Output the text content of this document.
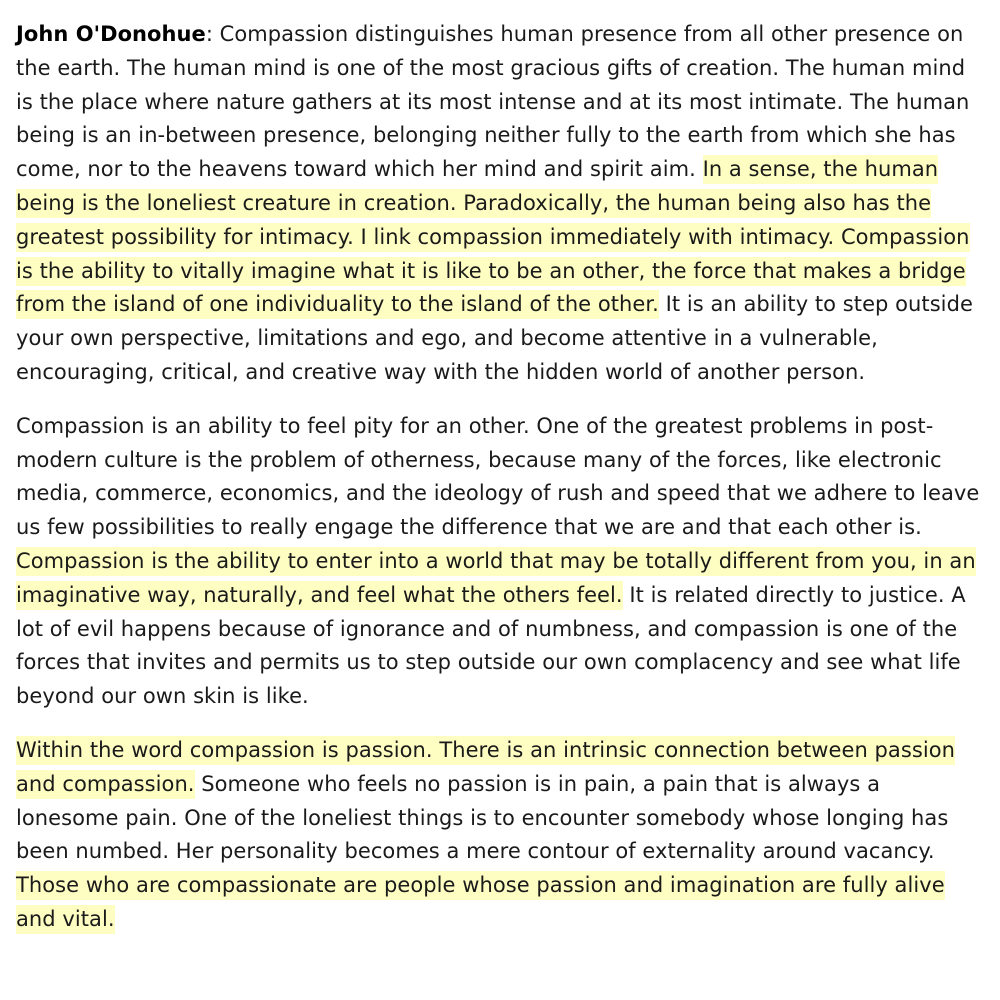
John O'Donohue: Compassion distinguishes human presence from all other presence on the earth. The human mind is one of the most gracious gifts of creation. The human mind is the place where nature gathers at its most intense and at its most intimate. The human being is an in-between presence, belonging neither fully to the earth from which she has come, nor to the heavens toward which her mind and spirit aim. In a sense, the human being is the loneliest creature in creation. Paradoxically, the human being also has the greatest possibility for intimacy. I link compassion immediately with intimacy. Compassion is the ability to vitally imagine what it is like to be an other, the force that makes a bridge from the island of one individuality to the island of the other. It is an ability to step outside your own perspective, limitations and ego, and become attentive in a vulnerable, encouraging, critical, and creative way with the hidden world of another person.

Compassion is an ability to feel pity for an other. One of the greatest problems in post-modern culture is the problem of otherness, because many of the forces, like electronic media, commerce, economics, and the ideology of rush and speed that we adhere to leave us few possibilities to really engage the difference that we are and that each other is. Compassion is the ability to enter into a world that may be totally different from you, in an imaginative way, naturally, and feel what the others feel. It is related directly to justice. A lot of evil happens because of ignorance and of numbness, and compassion is one of the forces that invites and permits us to step outside our own complacency and see what life beyond our own skin is like.

Within the word compassion is passion. There is an intrinsic connection between passion and compassion. Someone who feels no passion is in pain, a pain that is always a lonesome pain. One of the loneliest things is to encounter somebody whose longing has been numbed. Her personality becomes a mere contour of externality around vacancy. Those who are compassionate are people whose passion and imagination are fully alive and vital.
